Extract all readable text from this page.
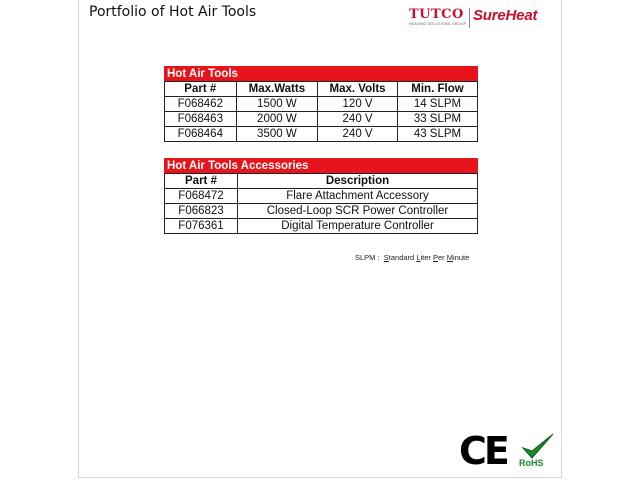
Portfolio of Hot Air Tools	TUTCO
HEATING SOLUTIONS GROUP SureHeat
Hot Air Tools			
Part #	Max.Watts	Max. Volts	Min. Flow
F068462	1500 W	120 V	14 SLPM
F068463	2000 W	240 V	33 SLPM
F068464	3500 W	240 V	43 SLPM
Hot Air Tools Accessories	
Part #	Description
F068472	Flare Attachment Accessory
F066823	Closed-Loop SCR Power Controller
F076361	Digital Temperature Controller
SLPM : Standard Liter Per Minute
CE RoHS
